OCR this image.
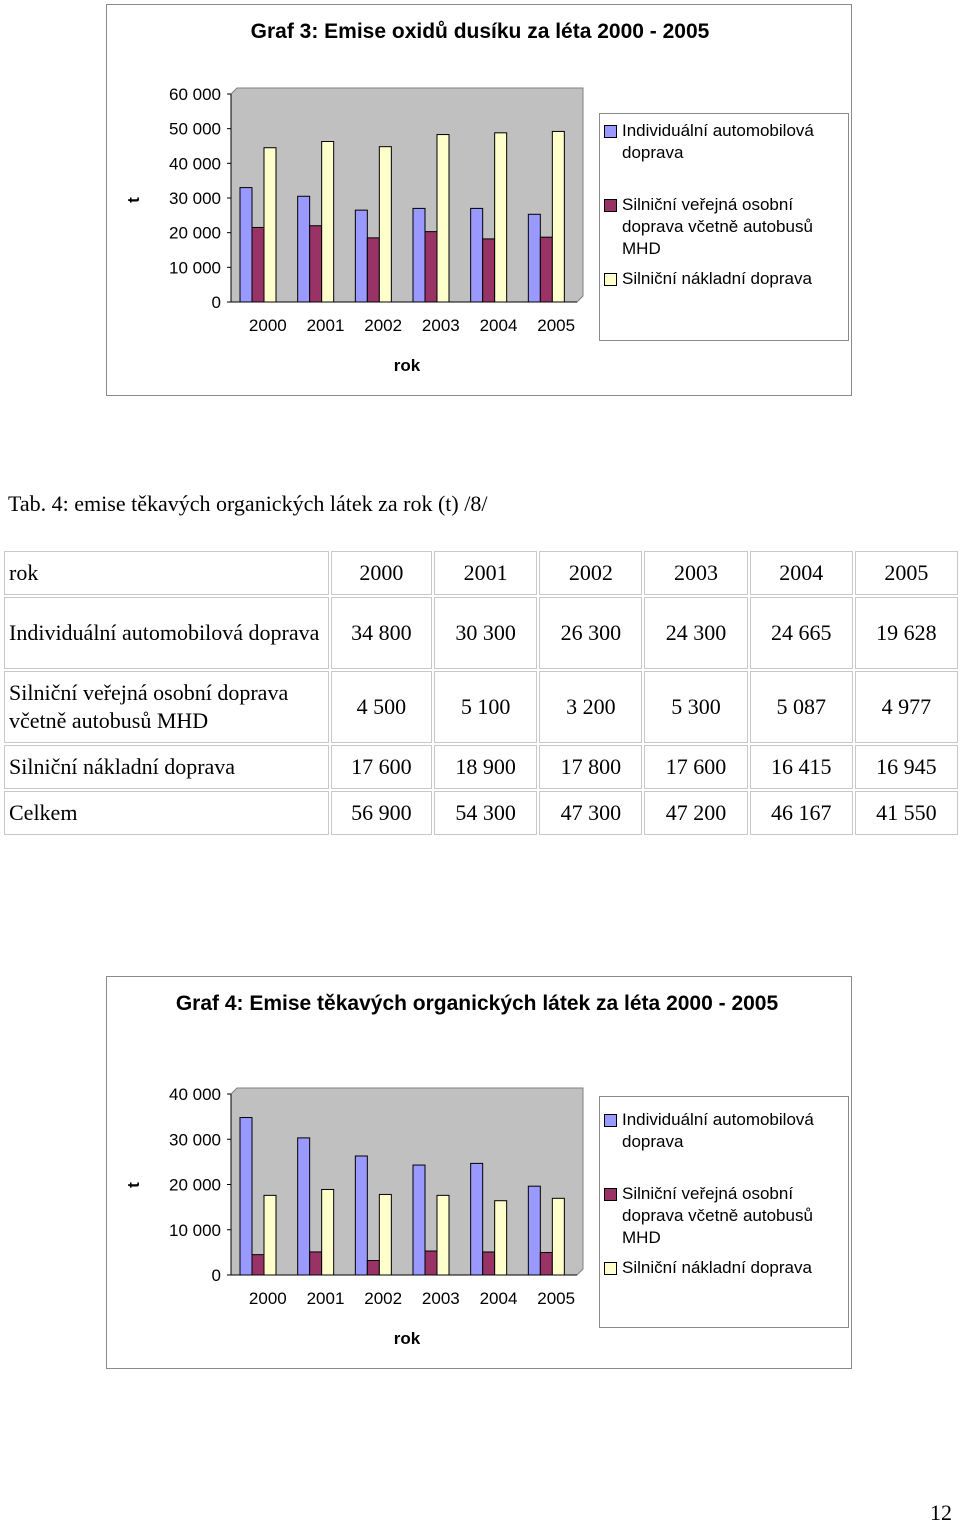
Graf 3: Emise oxidů dusíku za léta 2000 - 2005
60 000
50 000
40 000
30 000
20 000
10 000
0
t
rok
2000 2001 2002 2003 2004 2005
Individuální automobilová doprava
Silniční veřejná osobní doprava včetně autobusů MHD
Silniční nákladní doprava
Tab. 4: emise těkavých organických látek za rok (t) /8/
rok	2000	2001	2002	2003	2004	2005
Individuální automobilová doprava	34 800	30 300	26 300	24 300	24 665	19 628
Silniční veřejná osobní doprava včetně autobusů MHD	4 500	5 100	3 200	5 300	5 087	4 977
Silniční nákladní doprava	17 600	18 900	17 800	17 600	16 415	16 945
Celkem	56 900	54 300	47 300	47 200	46 167	41 550
Graf 4: Emise těkavých organických látek za léta 2000 - 2005
40 000
30 000
20 000
10 000
0
t
rok
2000 2001 2002 2003 2004 2005
Individuální automobilová doprava
Silniční veřejná osobní doprava včetně autobusů MHD
Silniční nákladní doprava
12
